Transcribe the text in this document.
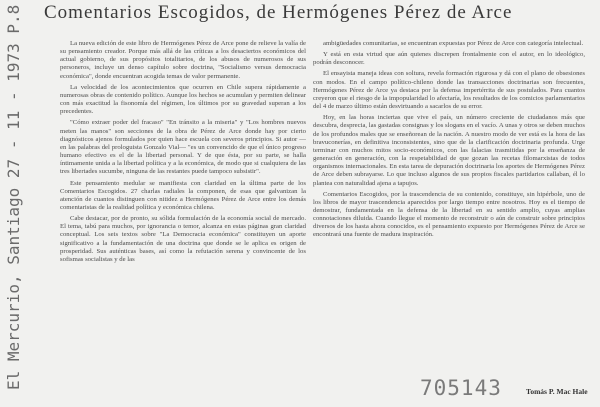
Comentarios Escogidos, de Hermógenes Pérez de Arce

La nueva edición de este libro de Hermógenes Pérez de Arce pone de relieve la valía de su pensamiento creador. Porque más allá de las críticas a los desaciertos económicos del actual gobierno, de sus propósitos totalitarios, de los abusos de numerosos de sus personeros, incluye un denso capítulo sobre doctrina, "Socialismo versus democracia económica", donde encuentran acogida temas de valor permanente.

La velocidad de los acontecimientos que ocurren en Chile supera rápidamente a numerosas obras de contenido político. Aunque los hechos se acumulan y permiten delinear con más exactitud la fisonomía del régimen, los últimos por su gravedad superan a los precedentes.

"Cómo extraer poder del fracaso" "En tránsito a la miseria" y "Los hombres nuevos meten las manos" son secciones de la obra de Pérez de Arce donde hay por cierto diagnósticos ajenos formulados por quien hace escuela con severos principios. Si autor —en las palabras del prologuista Gonzalo Vial— "es un convencido de que el único progreso humano efectivo es el de la libertad personal. Y de que ésta, por su parte, se halla íntimamente unida a la libertad política y a la económica, de modo que si cualquiera de las tres libertades sucumbe, ninguna de las restantes puede tampoco subsistir".

Este pensamiento medular se manifiesta con claridad en la última parte de los Comentarios Escogidos. 27 charlas radiales la componen, de esas que galvanizan la atención de cuantos distinguen con nitidez a Hermógenes Pérez de Arce entre los demás comentaristas de la realidad política y económica chilena.

Cabe destacar, por de pronto, su sólida formulación de la economía social de mercado. El tema, tabú para muchos, por ignorancia o temor, alcanza en estas páginas gran claridad conceptual. Los seis textos sobre "La Democracia económica" constituyen un aporte significativo a la fundamentación de una doctrina que donde se le aplica es origen de prosperidad. Sus auténticas bases, así como la refutación serena y convincente de los sofismas socialistas y de las

ambigüedades comunitarias, se encuentran expuestas por Pérez de Arce con categoría intelectual.

Y está en esta virtud que aún quienes discrepen frontalmente con el autor, en lo ideológico, podrán desconocer.

El ensayista maneja ideas con soltura, revela formación rigurosa y dá con el plano de obsesiones con modos. En el campo político-chileno donde las transacciones doctrinarias son frecuentes, Hermógenes Pérez de Arce ya destaca por la defensa impertérrita de sus postulados. Para cuantos creyeron que el riesgo de la impopularidad lo afectaría, los resultados de los comicios parlamentarios del 4 de marzo último están desvirtuando a sacarlos de su error.

Hoy, en las horas inciertas que vive el país, un número creciente de ciudadanos más que descubra, desprecia, las gastadas consignas y los slogans en el vacío. A unas y otros se deben muchos de los profundos males que se enseñorean de la nación. A nuestro modo de ver está es la hora de las bravuconerías, en definitiva inconsistentes, sino que de la clarificación doctrinaria profunda. Urge terminar con muchos mitos socio-económicos, con las falacias trasmitidas por la enseñanza de generación en generación, con la respetabilidad de que gozan las recetas filomarxistas de todos organismos internacionales. En esta tarea de depuración doctrinaria los aportes de Hermógenes Pérez de Arce deben subrayarse. Lo que incluso algunos de sus propios fiscales partidarios callaban, él lo plantea con naturalidad ajena a tapujos.

Comentarios Escogidos, por la trascendencia de su contenido, constituye, sin hipérbole, uno de los libros de mayor trascendencia aparecidos por largo tiempo entre nosotros. Hoy es el tiempo de demostrar, fundamentada en la defensa de la libertad en su sentido amplio, cuyas amplias connotaciones diluida. Cuando llegue el momento de reconstruir o aún de construir sobre principios diversos de los hasta ahora conocidos, es el pensamiento expuesto por Hermógenes Pérez de Arce se encontrará una fuente de madura inspiración.

El Mercurio, Santiago 27 - 11 - 1973 P.8	705143	Tomás P. Mac Hale
